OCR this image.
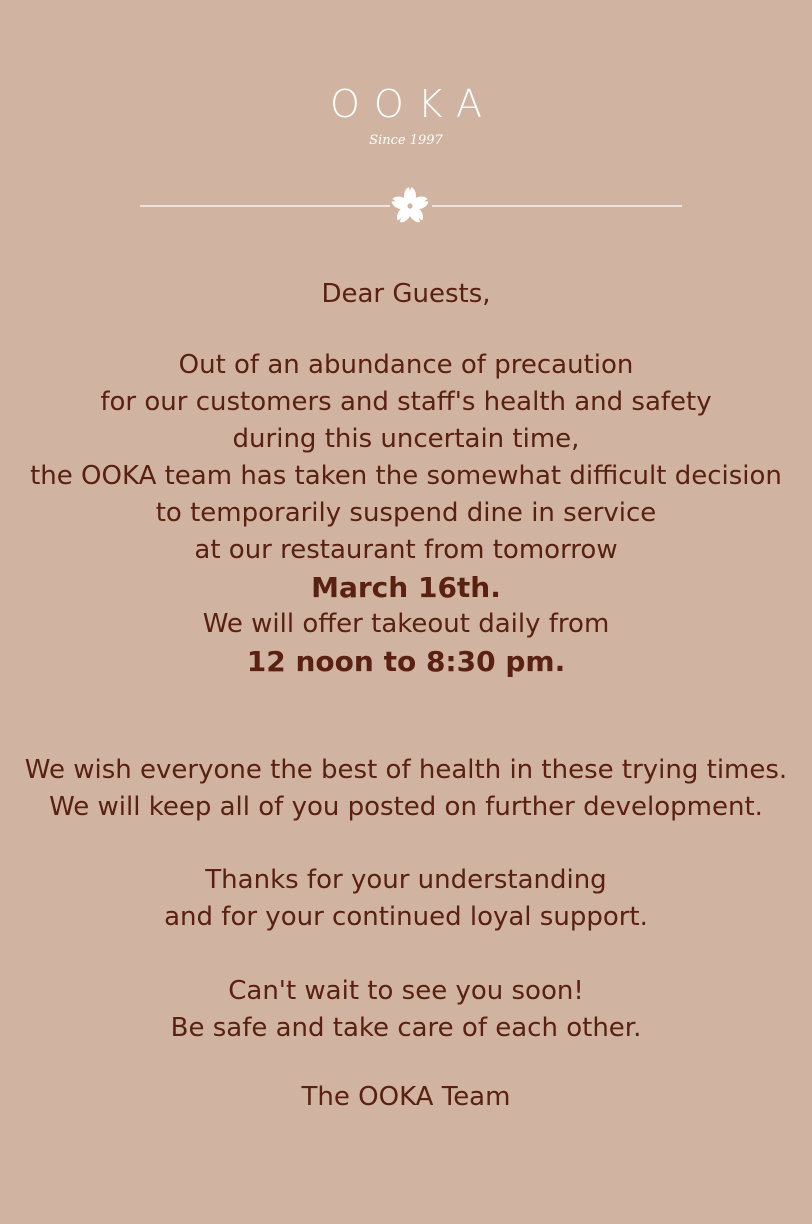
OOKA
Since 1997
Dear Guests,
Out of an abundance of precaution
for our customers and staff's health and safety
during this uncertain time,
the OOKA team has taken the somewhat difficult decision
to temporarily suspend dine in service
at our restaurant from tomorrow
March 16th.
We will offer takeout daily from
12 noon to 8:30 pm.
We wish everyone the best of health in these trying times.
We will keep all of you posted on further development.
Thanks for your understanding
and for your continued loyal support.
Can't wait to see you soon!
Be safe and take care of each other.
The OOKA Team
